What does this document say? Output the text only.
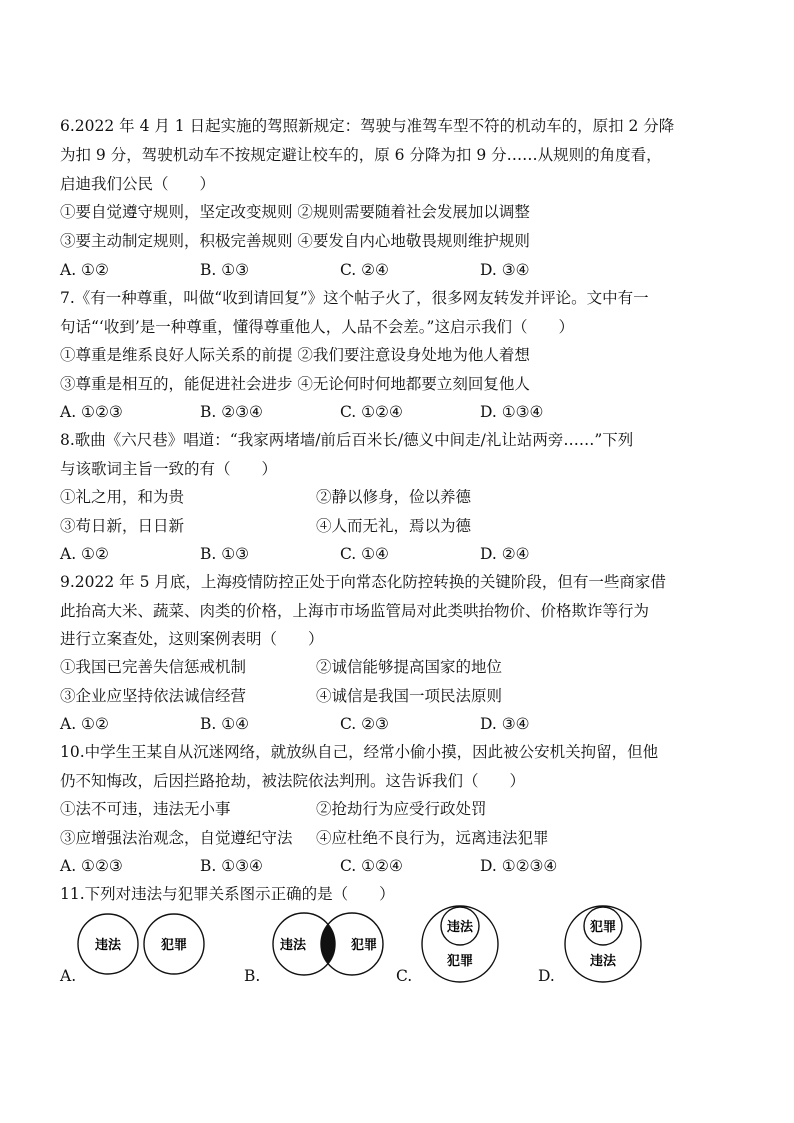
6.2022 年 4 月 1 日起实施的驾照新规定：驾驶与准驾车型不符的机动车的，原扣 2 分降
为扣 9 分，驾驶机动车不按规定避让校车的，原 6 分降为扣 9 分……从规则的角度看，
启迪我们公民（　　）
①要自觉遵守规则，坚定改变规则 ②规则需要随着社会发展加以调整
③要主动制定规则，积极完善规则 ④要发自内心地敬畏规则维护规则
A. ①②	B. ①③	C. ②④	D. ③④
7.《有一种尊重，叫做“收到请回复”》这个帖子火了，很多网友转发并评论。文中有一
句话“‘收到’是一种尊重，懂得尊重他人，人品不会差。”这启示我们（　　）
①尊重是维系良好人际关系的前提 ②我们要注意设身处地为他人着想
③尊重是相互的，能促进社会进步 ④无论何时何地都要立刻回复他人
A. ①②③	B. ②③④	C. ①②④	D. ①③④
8.歌曲《六尺巷》唱道：“我家两堵墙/前后百米长/德义中间走/礼让站两旁……”下列
与该歌词主旨一致的有（　　）
①礼之用，和为贵	②静以修身，俭以养德
③苟日新，日日新	④人而无礼，焉以为德
A. ①②	B. ①③	C. ①④	D. ②④
9.2022 年 5 月底，上海疫情防控正处于向常态化防控转换的关键阶段，但有一些商家借
此抬高大米、蔬菜、肉类的价格，上海市市场监管局对此类哄抬物价、价格欺诈等行为
进行立案查处，这则案例表明（　　）
①我国已完善失信惩戒机制	②诚信能够提高国家的地位
③企业应坚持依法诚信经营	④诚信是我国一项民法原则
A. ①②	B. ①④	C. ②③	D. ③④
10.中学生王某自从沉迷网络，就放纵自己，经常小偷小摸，因此被公安机关拘留，但他
仍不知悔改，后因拦路抢劫，被法院依法判刑。这告诉我们（　　）
①法不可违，违法无小事	②抢劫行为应受行政处罚
③应增强法治观念，自觉遵纪守法 ④应杜绝不良行为，远离违法犯罪
A. ①②③	B. ①③④	C. ①②④	D. ①②③④
11.下列对违法与犯罪关系图示正确的是（　　）
违法	犯罪	违法	犯罪
违法
犯罪
犯罪
违法
A.	B.	C.	D.
